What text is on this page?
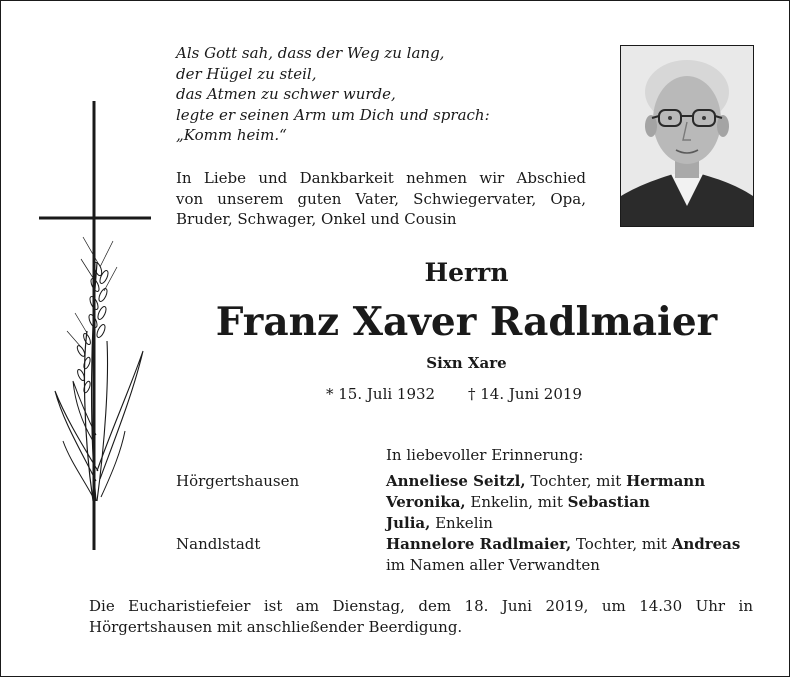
Als Gott sah, dass der Weg zu lang,
der Hügel zu steil,
das Atmen zu schwer wurde,
legte er seinen Arm um Dich und sprach:
„Komm heim.“
In Liebe und Dankbarkeit nehmen wir Abschied
von unserem guten Vater, Schwiegervater, Opa,
Bruder, Schwager, Onkel und Cousin
Herrn
Franz Xaver Radlmaier
Sixn Xare
* 15. Juli 1932 † 14. Juni 2019
In liebevoller Erinnerung:
Hörgertshausen
Nandlstadt
Anneliese Seitzl, Tochter, mit Hermann
Veronika, Enkelin, mit Sebastian
Julia, Enkelin
Hannelore Radlmaier, Tochter, mit Andreas
im Namen aller Verwandten
Die Eucharistiefeier ist am Dienstag, dem 18. Juni 2019, um 14.30 Uhr in
Hörgertshausen mit anschließender Beerdigung.
